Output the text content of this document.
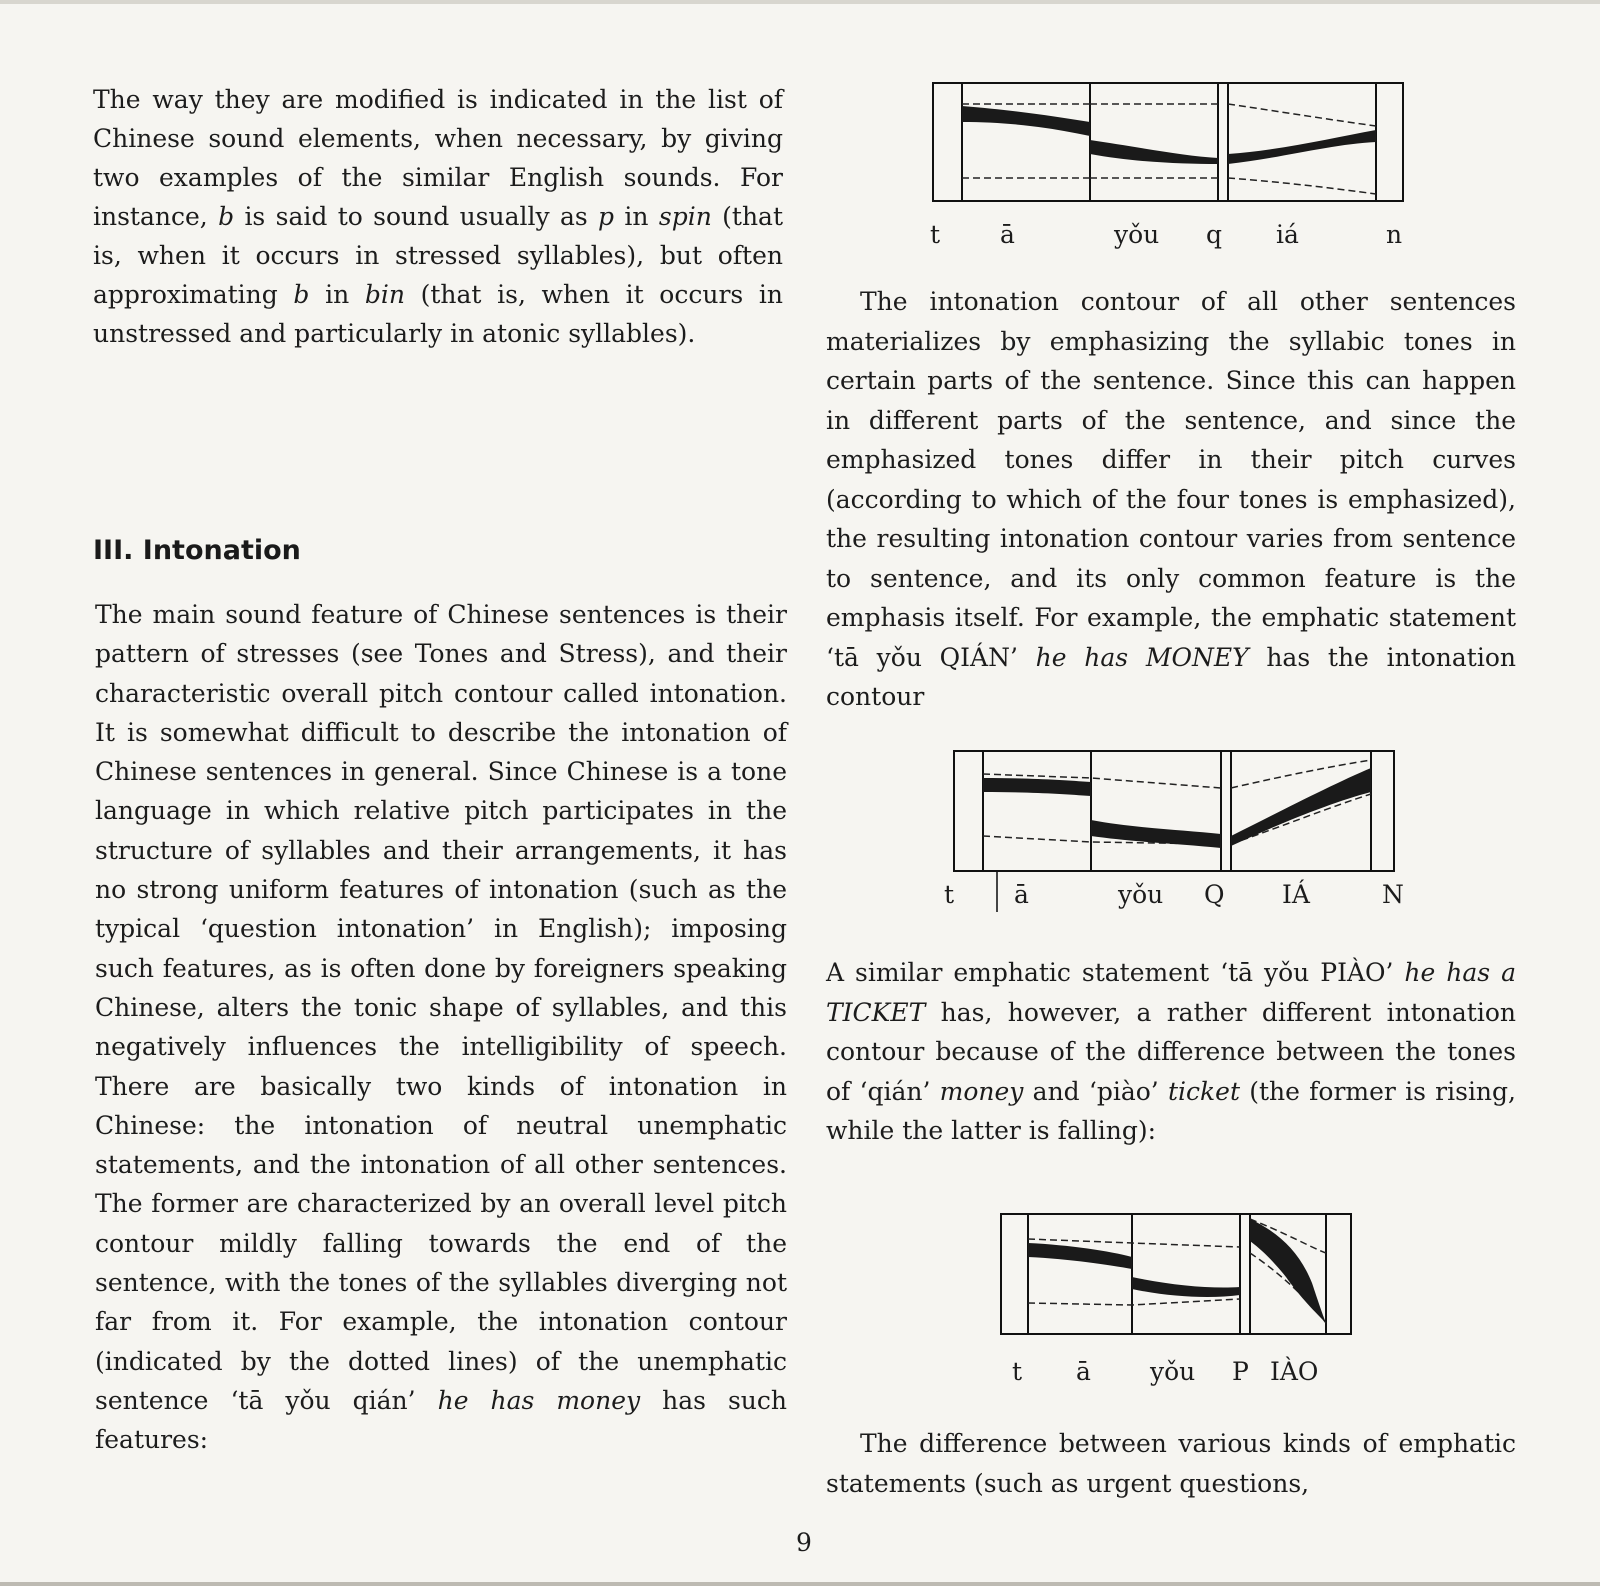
The way they are modified is indicated in the list of Chinese sound elements, when necessary, by giving two examples of the similar English sounds. For instance, b is said to sound usually as p in spin (that is, when it occurs in stressed syllables), but often approximating b in bin (that is, when it occurs in unstressed and particularly in atonic syllables).

III. Intonation

The main sound feature of Chinese sentences is their pattern of stresses (see Tones and Stress), and their characteristic overall pitch contour called intonation. It is somewhat difficult to describe the intonation of Chinese sentences in general. Since Chinese is a tone language in which relative pitch participates in the structure of syllables and their arrangements, it has no strong uniform features of intonation (such as the typical ‘question intonation’ in English); imposing such features, as is often done by foreigners speaking Chinese, alters the tonic shape of syllables, and this negatively influences the intelligibility of speech. There are basically two kinds of intonation in Chinese: the intonation of neutral unemphatic statements, and the intonation of all other sentences. The former are characterized by an overall level pitch contour mildly falling towards the end of the sentence, with the tones of the syllables diverging not far from it. For example, the intonation contour (indicated by the dotted lines) of the unemphatic sentence ‘tā yǒu qián’ he has money has such features:

t ā	yǒu q iá	n

The intonation contour of all other sentences materializes by emphasizing the syllabic tones in certain parts of the sentence. Since this can happen in different parts of the sentence, and since the emphasized tones differ in their pitch curves (according to which of the four tones is emphasized), the resulting intonation contour varies from sentence to sentence, and its only common feature is the emphasis itself. For example, the emphatic statement ‘tā yǒu QIÁN’ he has MONEY has the intonation contour

t ā	yǒu Q IÁ	N

A similar emphatic statement ‘tā yǒu PIÀO’ he has a TICKET has, however, a rather different intonation contour because of the difference between the tones of ‘qián’ money and ‘piào’ ticket (the former is rising, while the latter is falling):

t ā yǒu P IÀO

The difference between various kinds of emphatic statements (such as urgent questions,

9
